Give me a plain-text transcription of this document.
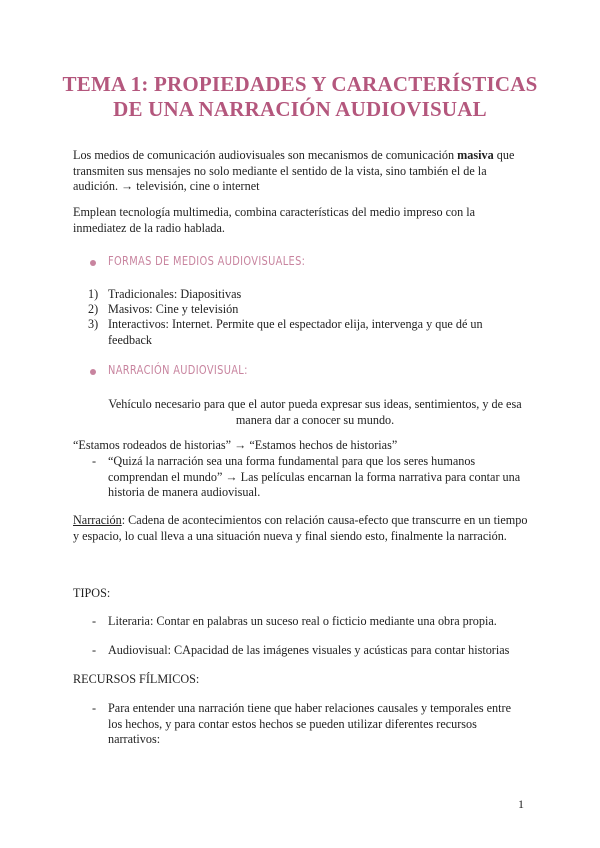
TEMA 1: PROPIEDADES Y CARACTERÍSTICAS
DE UNA NARRACIÓN AUDIOVISUAL
Los medios de comunicación audiovisuales son mecanismos de comunicación masiva que transmiten sus mensajes no solo mediante el sentido de la vista, sino también el de la audición. → televisión, cine o internet
Emplean tecnología multimedia, combina características del medio impreso con la inmediatez de la radio hablada.
FORMAS DE MEDIOS AUDIOVISUALES:
1) Tradicionales: Diapositivas
2) Masivos: Cine y televisión
3) Interactivos: Internet. Permite que el espectador elija, intervenga y que dé un feedback
NARRACIÓN AUDIOVISUAL:
Vehículo necesario para que el autor pueda expresar sus ideas, sentimientos, y de esa manera dar a conocer su mundo.
“Estamos rodeados de historias” → “Estamos hechos de historias”
- “Quizá la narración sea una forma fundamental para que los seres humanos comprendan el mundo” → Las películas encarnan la forma narrativa para contar una historia de manera audiovisual.
Narración: Cadena de acontecimientos con relación causa-efecto que transcurre en un tiempo y espacio, lo cual lleva a una situación nueva y final siendo esto, finalmente la narración.
TIPOS:
- Literaria: Contar en palabras un suceso real o ficticio mediante una obra propia.
- Audiovisual: CApacidad de las imágenes visuales y acústicas para contar historias
RECURSOS FÍLMICOS:
- Para entender una narración tiene que haber relaciones causales y temporales entre los hechos, y para contar estos hechos se pueden utilizar diferentes recursos narrativos:
1
